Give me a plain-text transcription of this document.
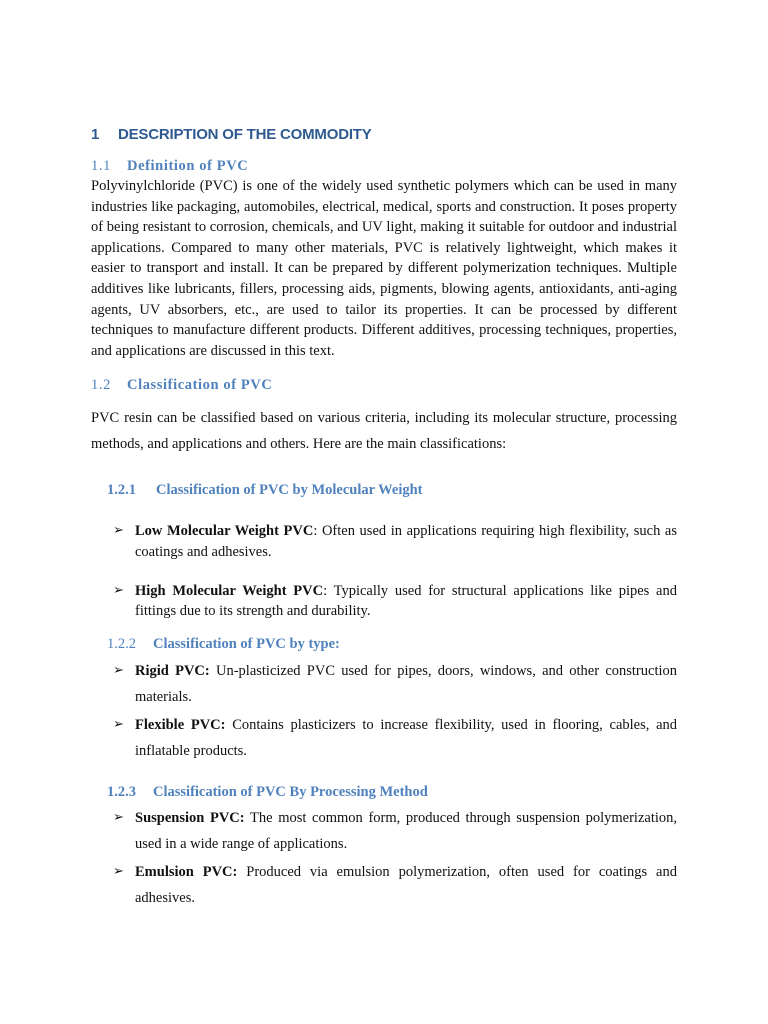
1 DESCRIPTION OF THE COMMODITY
1.1 Definition of PVC
Polyvinylchloride (PVC) is one of the widely used synthetic polymers which can be used in many industries like packaging, automobiles, electrical, medical, sports and construction. It poses property of being resistant to corrosion, chemicals, and UV light, making it suitable for outdoor and industrial applications. Compared to many other materials, PVC is relatively lightweight, which makes it easier to transport and install. It can be prepared by different polymerization techniques. Multiple additives like lubricants, fillers, processing aids, pigments, blowing agents, antioxidants, anti-aging agents, UV absorbers, etc., are used to tailor its properties. It can be processed by different techniques to manufacture different products. Different additives, processing techniques, properties, and applications are discussed in this text.
1.2 Classification of PVC
PVC resin can be classified based on various criteria, including its molecular structure, processing methods, and applications and others. Here are the main classifications:
1.2.1 Classification of PVC by Molecular Weight
➢ Low Molecular Weight PVC: Often used in applications requiring high flexibility, such as coatings and adhesives.
➢ High Molecular Weight PVC: Typically used for structural applications like pipes and fittings due to its strength and durability.
1.2.2 Classification of PVC by type:
➢ Rigid PVC: Un-plasticized PVC used for pipes, doors, windows, and other construction materials.
➢ Flexible PVC: Contains plasticizers to increase flexibility, used in flooring, cables, and inflatable products.
1.2.3 Classification of PVC By Processing Method
➢ Suspension PVC: The most common form, produced through suspension polymerization, used in a wide range of applications.
➢ Emulsion PVC: Produced via emulsion polymerization, often used for coatings and adhesives.
